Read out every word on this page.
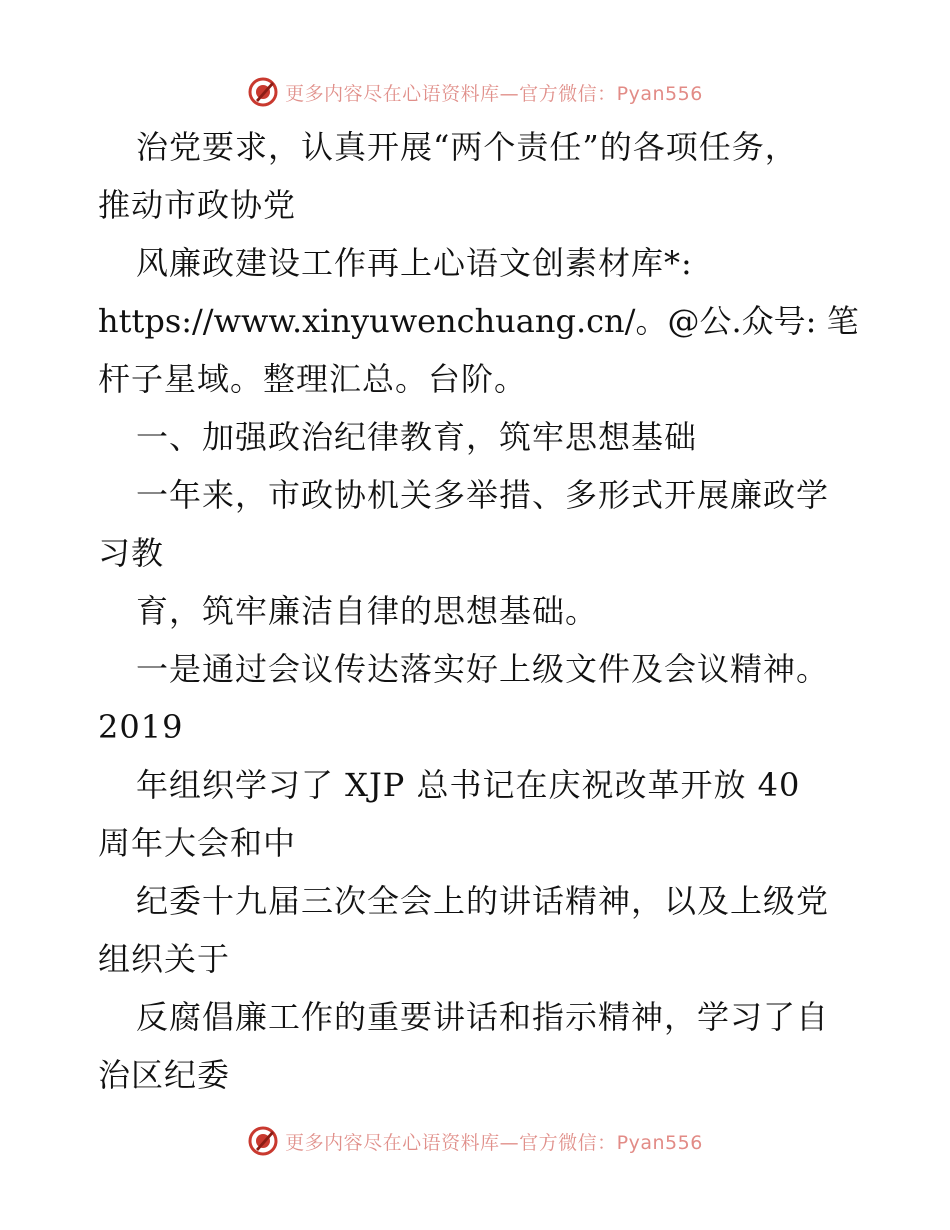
更多内容尽在心语资料库—官方微信：Pyan556
治党要求，认真开展“两个责任”的各项任务，
推动市政协党
风廉政建设工作再上心语文创素材库*:
https://www.xinyuwenchuang.cn/。@公.众号: 笔
杆子星域。整理汇总。台阶。
一、加强政治纪律教育，筑牢思想基础
一年来，市政协机关多举措、多形式开展廉政学
习教
育，筑牢廉洁自律的思想基础。
一是通过会议传达落实好上级文件及会议精神。
2019
年组织学习了 XJP 总书记在庆祝改革开放 40
周年大会和中
纪委十九届三次全会上的讲话精神，以及上级党
组织关于
反腐倡廉工作的重要讲话和指示精神，学习了自
治区纪委
更多内容尽在心语资料库—官方微信：Pyan556
